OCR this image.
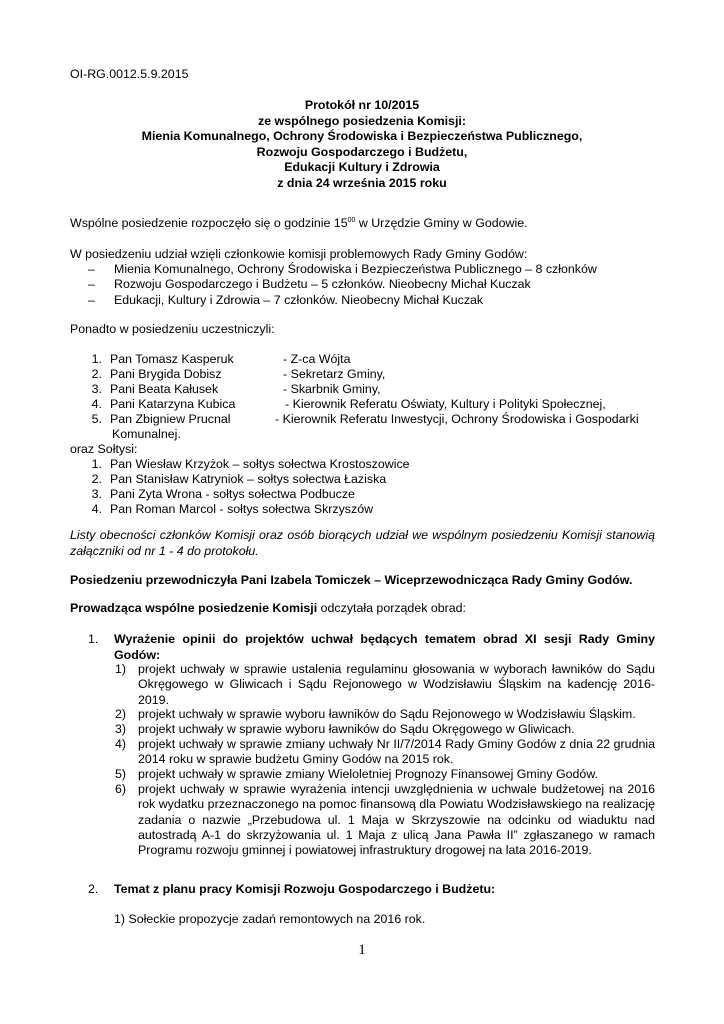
OI-RG.0012.5.9.2015
Protokół nr 10/2015
ze wspólnego posiedzenia Komisji:
Mienia Komunalnego, Ochrony Środowiska i Bezpieczeństwa Publicznego,
Rozwoju Gospodarczego i Budżetu,
Edukacji Kultury i Zdrowia
z dnia 24 września 2015 roku
Wspólne posiedzenie rozpoczęło się o godzinie $15^{00}$ w Urzędzie Gminy w Godowie.
W posiedzeniu udział wzięli członkowie komisji problemowych Rady Gminy Godów:
– Mienia Komunalnego, Ochrony Środowiska i Bezpieczeństwa Publicznego – 8 członków
– Rozwoju Gospodarczego i Budżetu – 5 członków. Nieobecny Michał Kuczak
– Edukacji, Kultury i Zdrowia – 7 członków. Nieobecny Michał Kuczak
Ponadto w posiedzeniu uczestniczyli:
1. Pan Tomasz Kasperuk	- Z-ca Wójta
2. Pani Brygida Dobisz	- Sekretarz Gminy,
3. Pani Beata Kałusek	- Skarbnik Gminy,
4. Pani Katarzyna Kubica	- Kierownik Referatu Oświaty, Kultury i Polityki Społecznej,
5. Pan Zbigniew Prucnal	- Kierownik Referatu Inwestycji, Ochrony Środowiska i Gospodarki
Komunalnej.
oraz Sołtysi:
1. Pan Wiesław Krzyżok – sołtys sołectwa Krostoszowice
2. Pan Stanisław Katryniok – sołtys sołectwa Łaziska
3. Pani Zyta Wrona - sołtys sołectwa Podbucze
4. Pan Roman Marcol - sołtys sołectwa Skrzyszów
Listy obecności członków Komisji oraz osób biorących udział we wspólnym posiedzeniu Komisji stanowią załączniki od nr 1 - 4 do protokołu.
Posiedzeniu przewodniczyła Pani Izabela Tomiczek – Wiceprzewodnicząca Rady Gminy Godów.
Prowadząca wspólne posiedzenie Komisji odczytała porządek obrad:
1. Wyrażenie opinii do projektów uchwał będących tematem obrad XI sesji Rady Gminy Godów:
1) projekt uchwały w sprawie ustalenia regulaminu głosowania w wyborach ławników do Sądu Okręgowego w Gliwicach i Sądu Rejonowego w Wodzisławiu Śląskim na kadencję 2016-2019.
2) projekt uchwały w sprawie wyboru ławników do Sądu Rejonowego w Wodzisławiu Śląskim.
3) projekt uchwały w sprawie wyboru ławników do Sądu Okręgowego w Gliwicach.
4) projekt uchwały w sprawie zmiany uchwały Nr II/7/2014 Rady Gminy Godów z dnia 22 grudnia 2014 roku w sprawie budżetu Gminy Godów na 2015 rok.
5) projekt uchwały w sprawie zmiany Wieloletniej Prognozy Finansowej Gminy Godów.
6) projekt uchwały w sprawie wyrażenia intencji uwzględnienia w uchwale budżetowej na 2016 rok wydatku przeznaczonego na pomoc finansową dla Powiatu Wodzisławskiego na realizację zadania o nazwie „Przebudowa ul. 1 Maja w Skrzyszowie na odcinku od wiaduktu nad autostradą A-1 do skrzyżowania ul. 1 Maja z ulicą Jana Pawła II” zgłaszanego w ramach Programu rozwoju gminnej i powiatowej infrastruktury drogowej na lata 2016-2019.
2. Temat z planu pracy Komisji Rozwoju Gospodarczego i Budżetu:
1) Sołeckie propozycje zadań remontowych na 2016 rok.
1
